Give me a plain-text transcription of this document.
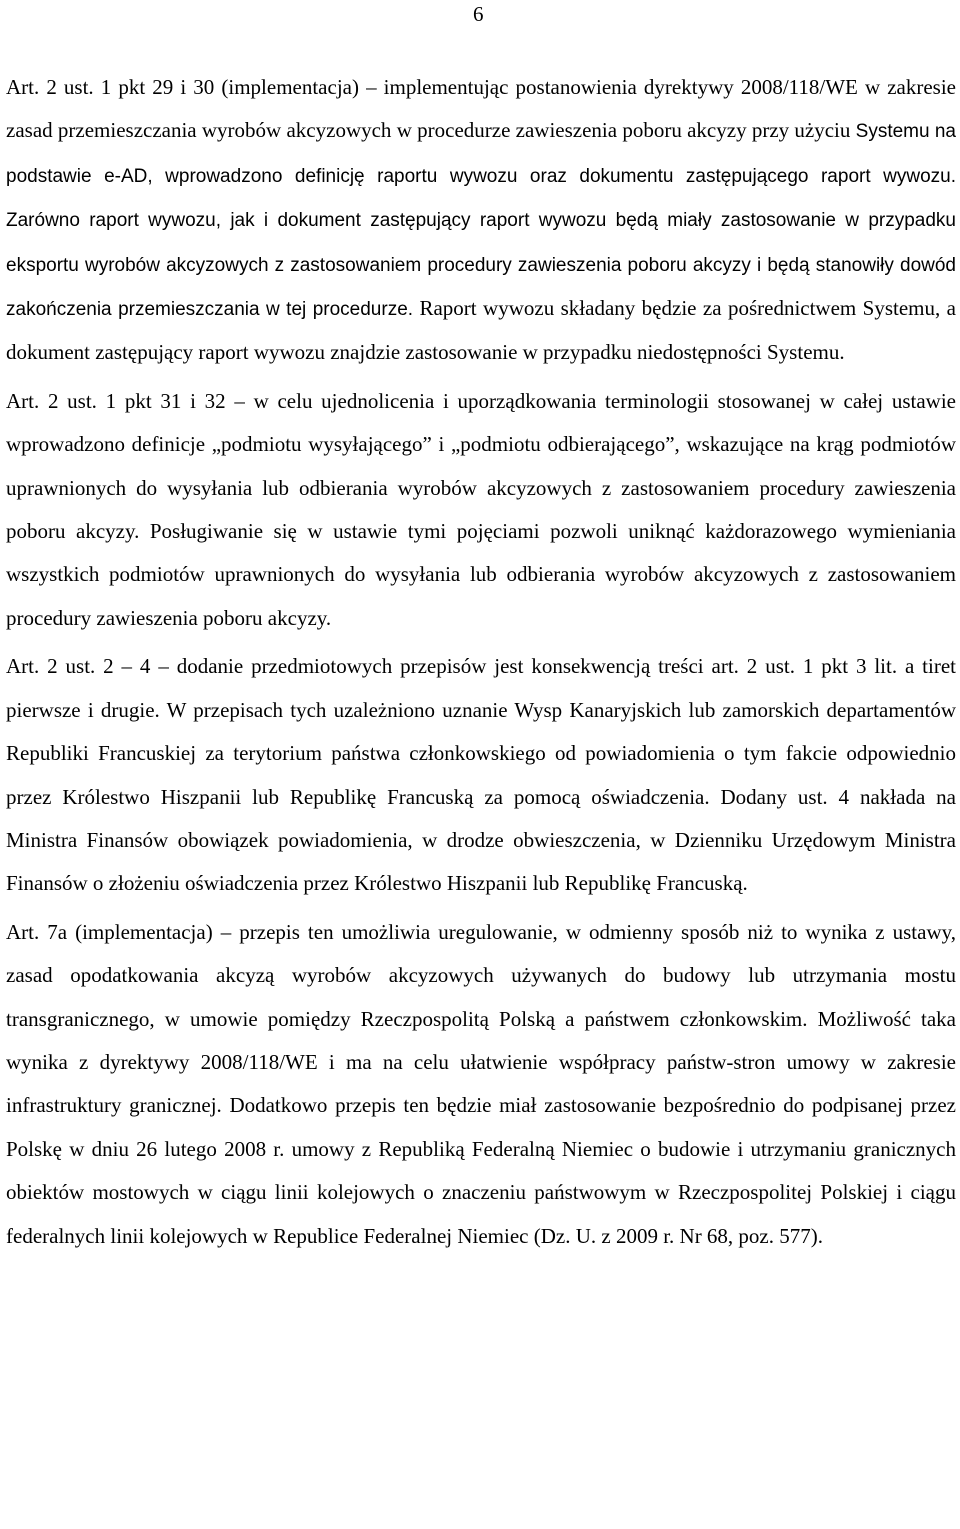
6

Art. 2 ust. 1 pkt 29 i 30 (implementacja) – implementując postanowienia dyrektywy 2008/118/WE w zakresie zasad przemieszczania wyrobów akcyzowych w procedurze zawieszenia poboru akcyzy przy użyciu Systemu na podstawie e-AD, wprowadzono definicję raportu wywozu oraz dokumentu zastępującego raport wywozu. Zarówno raport wywozu, jak i dokument zastępujący raport wywozu będą miały zastosowanie w przypadku eksportu wyrobów akcyzowych z zastosowaniem procedury zawieszenia poboru akcyzy i będą stanowiły dowód zakończenia przemieszczania w tej procedurze. Raport wywozu składany będzie za pośrednictwem Systemu, a dokument zastępujący raport wywozu znajdzie zastosowanie w przypadku niedostępności Systemu.

Art. 2 ust. 1 pkt 31 i 32 – w celu ujednolicenia i uporządkowania terminologii stosowanej w całej ustawie wprowadzono definicje „podmiotu wysyłającego” i „podmiotu odbierającego”, wskazujące na krąg podmiotów uprawnionych do wysyłania lub odbierania wyrobów akcyzowych z zastosowaniem procedury zawieszenia poboru akcyzy. Posługiwanie się w ustawie tymi pojęciami pozwoli uniknąć każdorazowego wymieniania wszystkich podmiotów uprawnionych do wysyłania lub odbierania wyrobów akcyzowych z zastosowaniem procedury zawieszenia poboru akcyzy.

Art. 2 ust. 2 – 4 – dodanie przedmiotowych przepisów jest konsekwencją treści art. 2 ust. 1 pkt 3 lit. a tiret pierwsze i drugie. W przepisach tych uzależniono uznanie Wysp Kanaryjskich lub zamorskich departamentów Republiki Francuskiej za terytorium państwa członkowskiego od powiadomienia o tym fakcie odpowiednio przez Królestwo Hiszpanii lub Republikę Francuską za pomocą oświadczenia. Dodany ust. 4 nakłada na Ministra Finansów obowiązek powiadomienia, w drodze obwieszczenia, w Dzienniku Urzędowym Ministra Finansów o złożeniu oświadczenia przez Królestwo Hiszpanii lub Republikę Francuską.

Art. 7a (implementacja) – przepis ten umożliwia uregulowanie, w odmienny sposób niż to wynika z ustawy, zasad opodatkowania akcyzą wyrobów akcyzowych używanych do budowy lub utrzymania mostu transgranicznego, w umowie pomiędzy Rzeczpospolitą Polską a państwem członkowskim. Możliwość taka wynika z dyrektywy 2008/118/WE i ma na celu ułatwienie współpracy państw-stron umowy w zakresie infrastruktury granicznej. Dodatkowo przepis ten będzie miał zastosowanie bezpośrednio do podpisanej przez Polskę w dniu 26 lutego 2008 r. umowy z Republiką Federalną Niemiec o budowie i utrzymaniu granicznych obiektów mostowych w ciągu linii kolejowych o znaczeniu państwowym w Rzeczpospolitej Polskiej i ciągu federalnych linii kolejowych w Republice Federalnej Niemiec (Dz. U. z 2009 r. Nr 68, poz. 577).
